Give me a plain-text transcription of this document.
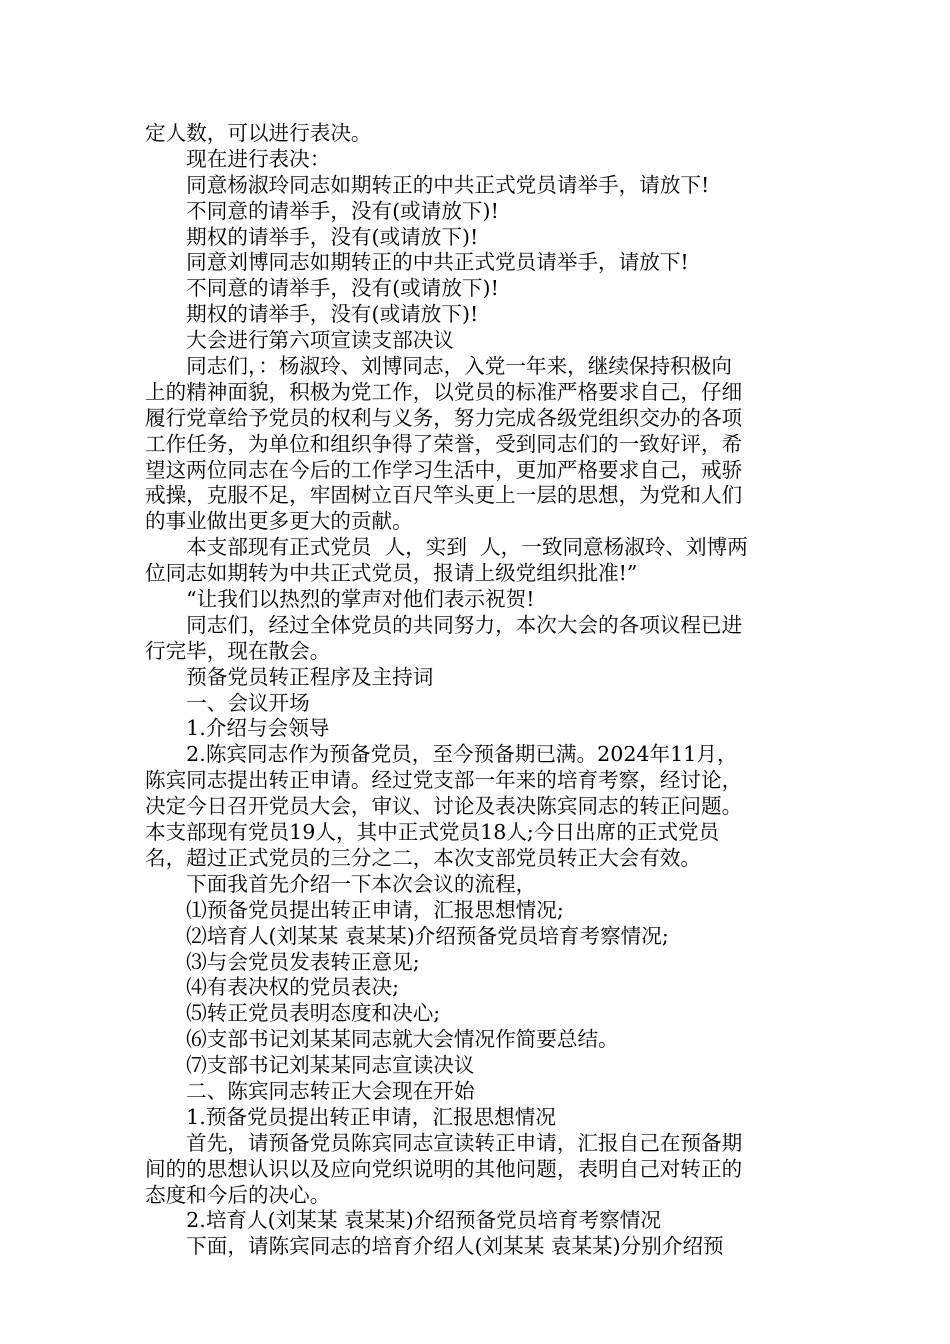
定人数，可以进行表决。
　　现在进行表决：
　　同意杨淑玲同志如期转正的中共正式党员请举手，请放下!
　　不同意的请举手，没有(或请放下)!
　　期权的请举手，没有(或请放下)!
　　同意刘博同志如期转正的中共正式党员请举手，请放下!
　　不同意的请举手，没有(或请放下)!
　　期权的请举手，没有(或请放下)!
　　大会进行第六项宣读支部决议
　　同志们，：杨淑玲、刘博同志，入党一年来，继续保持积极向
上的精神面貌，积极为党工作，以党员的标准严格要求自己，仔细
履行党章给予党员的权利与义务，努力完成各级党组织交办的各项
工作任务，为单位和组织争得了荣誉，受到同志们的一致好评，希
望这两位同志在今后的工作学习生活中，更加严格要求自己，戒骄
戒操，克服不足，牢固树立百尺竿头更上一层的思想，为党和人们
的事业做出更多更大的贡献。
　　本支部现有正式党员  人，实到  人，一致同意杨淑玲、刘博两
位同志如期转为中共正式党员，报请上级党组织批准!”
　　“让我们以热烈的掌声对他们表示祝贺!
　　同志们，经过全体党员的共同努力，本次大会的各项议程已进
行完毕，现在散会。
　　预备党员转正程序及主持词
　　一、会议开场
　　1.介绍与会领导
　　2.陈宾同志作为预备党员，至今预备期已满。2024年11月，
陈宾同志提出转正申请。经过党支部一年来的培育考察，经讨论，
决定今日召开党员大会，审议、讨论及表决陈宾同志的转正问题。
本支部现有党员19人，其中正式党员18人;今日出席的正式党员
名，超过正式党员的三分之二，本次支部党员转正大会有效。
　　下面我首先介绍一下本次会议的流程，
　　⑴预备党员提出转正申请，汇报思想情况;
　　⑵培育人(刘某某 袁某某)介绍预备党员培育考察情况;
　　⑶与会党员发表转正意见;
　　⑷有表决权的党员表决;
　　⑸转正党员表明态度和决心;
　　⑹支部书记刘某某同志就大会情况作简要总结。
　　⑺支部书记刘某某同志宣读决议
　　二、陈宾同志转正大会现在开始
　　1.预备党员提出转正申请，汇报思想情况
　　首先，请预备党员陈宾同志宣读转正申请，汇报自己在预备期
间的的思想认识以及应向党织说明的其他问题，表明自己对转正的
态度和今后的决心。
　　2.培育人(刘某某 袁某某)介绍预备党员培育考察情况
　　下面，请陈宾同志的培育介绍人(刘某某 袁某某)分别介绍预
